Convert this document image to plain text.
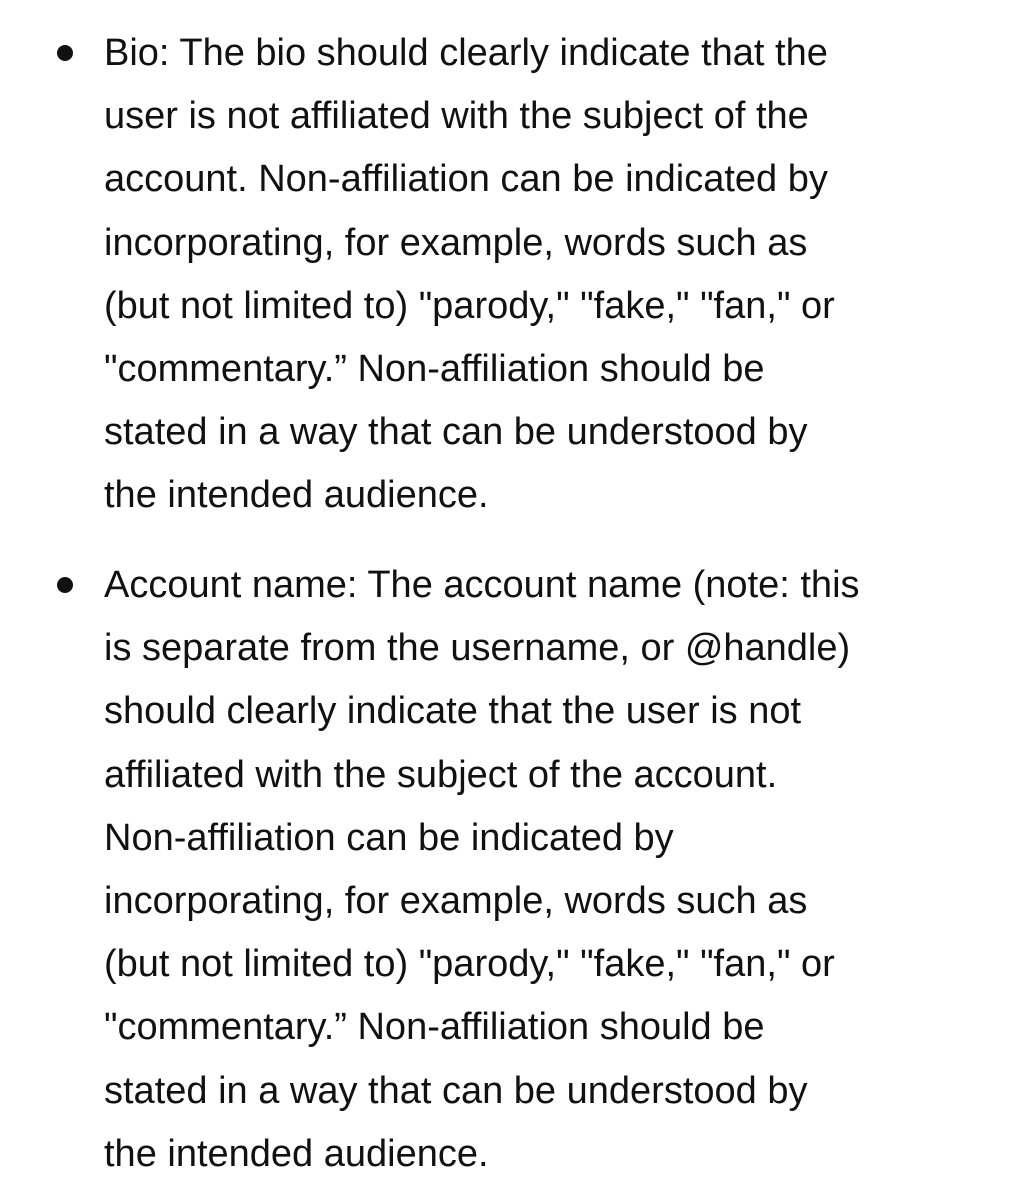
Bio: The bio should clearly indicate that the
user is not affiliated with the subject of the
account. Non-affiliation can be indicated by
incorporating, for example, words such as
(but not limited to) "parody," "fake," "fan," or
"commentary.” Non-affiliation should be
stated in a way that can be understood by
the intended audience.

Account name: The account name (note: this
is separate from the username, or @handle)
should clearly indicate that the user is not
affiliated with the subject of the account.
Non-affiliation can be indicated by
incorporating, for example, words such as
(but not limited to) "parody," "fake," "fan," or
"commentary.” Non-affiliation should be
stated in a way that can be understood by
the intended audience.
